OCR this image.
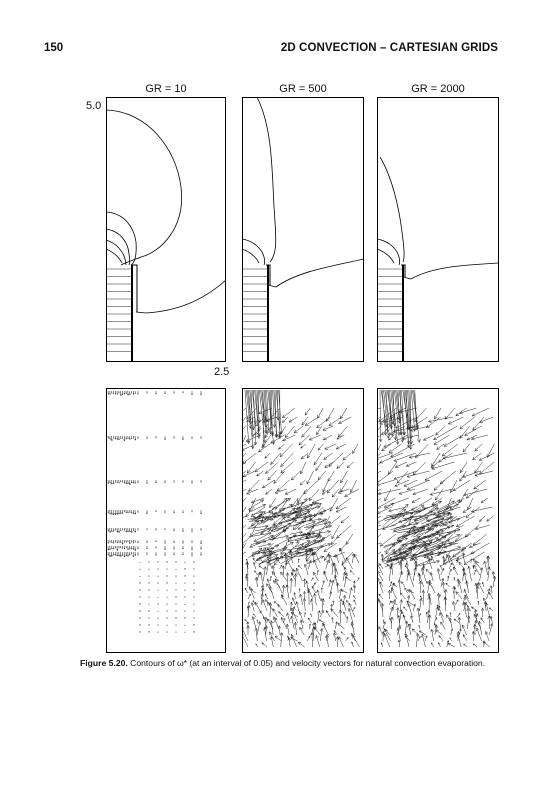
150	2D CONVECTION – CARTESIAN GRIDS
GR = 10	GR = 500	GR = 2000
5.0
2.5
Figure 5.20. Contours of ω* (at an interval of 0.05) and velocity vectors for natural convection evaporation.
